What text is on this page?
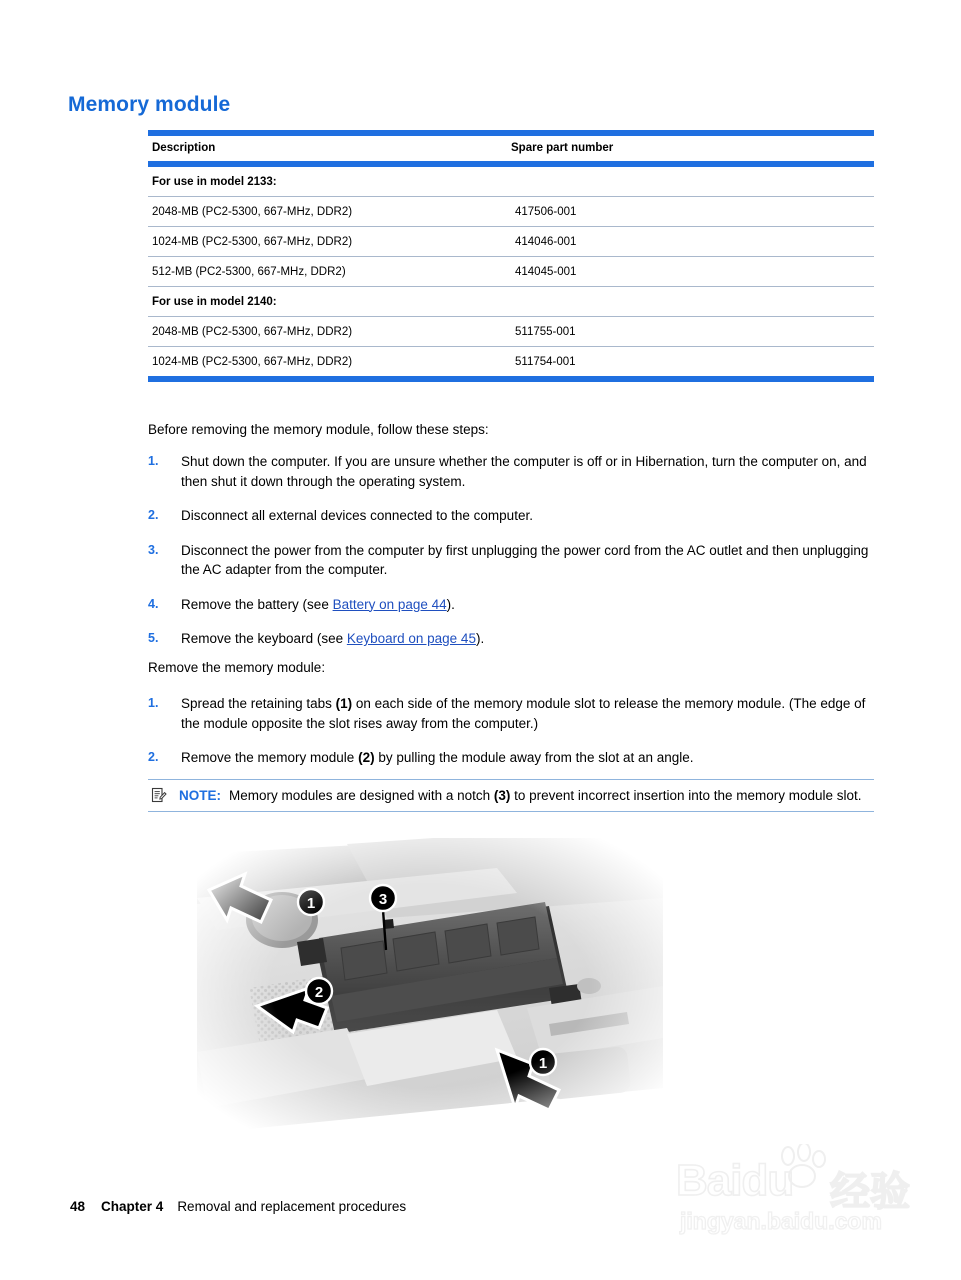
Memory module

Description	Spare part number

For use in model 2133:	
2048-MB (PC2-5300, 667-MHz, DDR2)	417506-001
1024-MB (PC2-5300, 667-MHz, DDR2)	414046-001
512-MB (PC2-5300, 667-MHz, DDR2)	414045-001
For use in model 2140:	
2048-MB (PC2-5300, 667-MHz, DDR2)	511755-001
1024-MB (PC2-5300, 667-MHz, DDR2)	511754-001

Before removing the memory module, follow these steps:
1. Shut down the computer. If you are unsure whether the computer is off or in Hibernation, turn the computer on, and then shut it down through the operating system.
2. Disconnect all external devices connected to the computer.
3. Disconnect the power from the computer by first unplugging the power cord from the AC outlet and then unplugging the AC adapter from the computer.
4. Remove the battery (see Battery on page 44).
5. Remove the keyboard (see Keyboard on page 45).
Remove the memory module:
1. Spread the retaining tabs (1) on each side of the memory module slot to release the memory module. (The edge of the module opposite the slot rises away from the computer.)
2. Remove the memory module (2) by pulling the module away from the slot at an angle.
NOTE: Memory modules are designed with a notch (3) to prevent incorrect insertion into the memory module slot.
48 Chapter 4 Removal and replacement procedures
Baidu 经验
jingyan.baidu.com
